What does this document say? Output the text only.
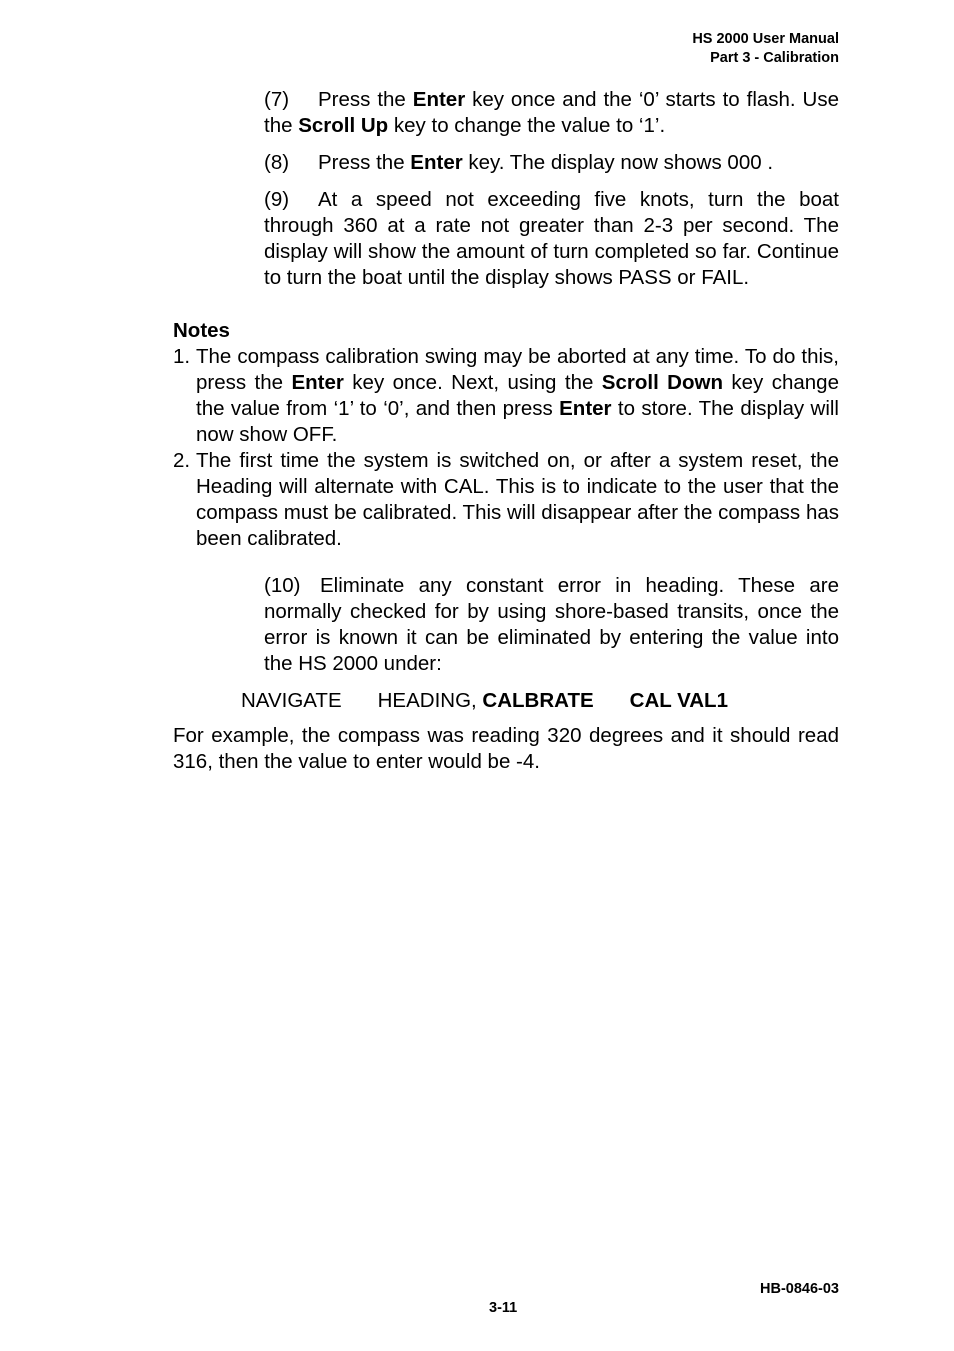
HS 2000 User Manual
Part 3 - Calibration

(7) Press the Enter key once and the ‘0’ starts to flash. Use the Scroll Up key to change the value to ‘1’.

(8) Press the Enter key. The display now shows 000 .

(9) At a speed not exceeding five knots, turn the boat through 360 at a rate not greater than 2-3 per second. The display will show the amount of turn completed so far. Continue to turn the boat until the display shows PASS or FAIL.

Notes

1. The compass calibration swing may be aborted at any time. To do this, press the Enter key once. Next, using the Scroll Down key change the value from ‘1’ to ‘0’, and then press Enter to store. The display will now show OFF.
2. The first time the system is switched on, or after a system reset, the Heading will alternate with CAL. This is to indicate to the user that the compass must be calibrated. This will disappear after the compass has been calibrated.

(10) Eliminate any constant error in heading. These are normally checked for by using shore-based transits, once the error is known it can be eliminated by entering the value into the HS 2000 under:

NAVIGATE HEADING, CALBRATE CAL VAL1
For example, the compass was reading 320 degrees and it should read 316, then the value to enter would be -4.
HB-0846-03
3-11
